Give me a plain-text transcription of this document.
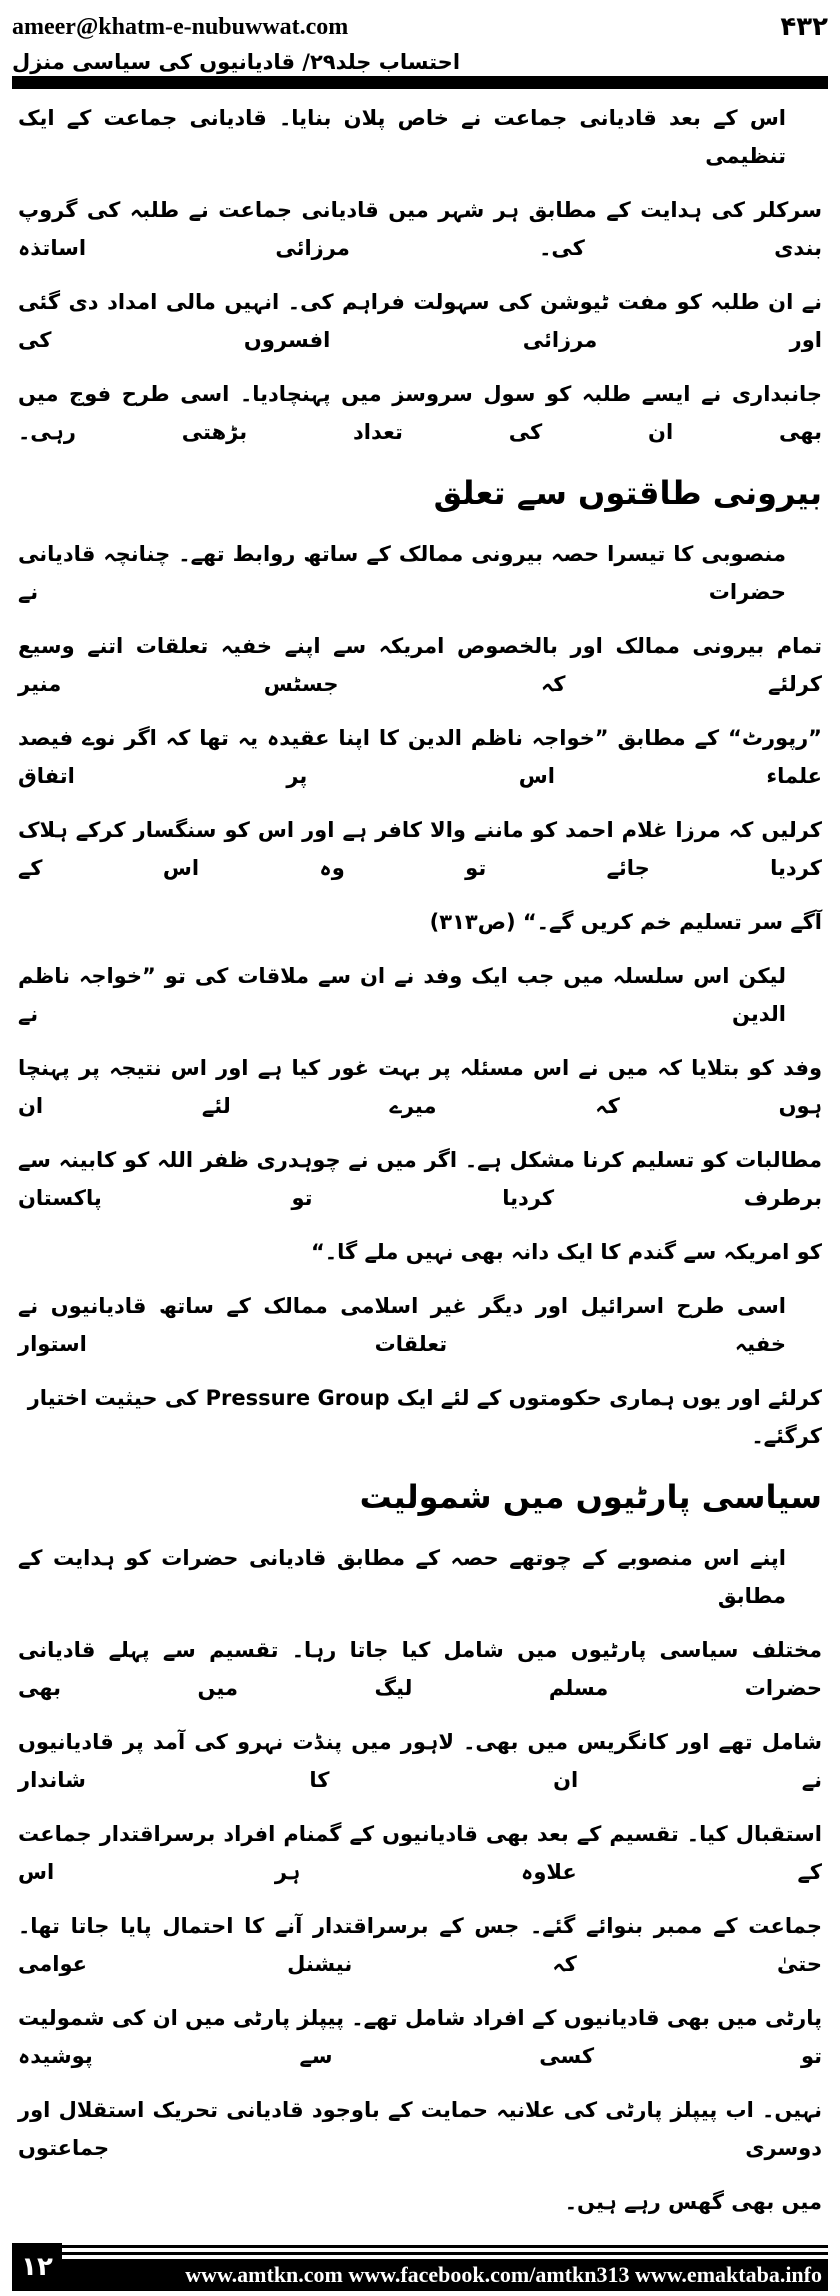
ameer@khatm-e-nubuwwat.com	۴۳۲
احتساب جلد۲۹/ قادیانیوں کی سیاسی منزل
اس کے بعد قادیانی جماعت نے خاص پلان بنایا۔ قادیانی جماعت کے ایک تنظیمی
سرکلر کی ہدایت کے مطابق ہر شہر میں قادیانی جماعت نے طلبہ کی گروپ بندی کی۔ مرزائی اساتذہ
نے ان طلبہ کو مفت ٹیوشن کی سہولت فراہم کی۔ انہیں مالی امداد دی گئی اور مرزائی افسروں کی
جانبداری نے ایسے طلبہ کو سول سروسز میں پہنچادیا۔ اسی طرح فوج میں بھی ان کی تعداد بڑھتی رہی۔
بیرونی طاقتوں سے تعلق
منصوبی کا تیسرا حصہ بیرونی ممالک کے ساتھ روابط تھے۔ چنانچہ قادیانی حضرات نے
تمام بیرونی ممالک اور بالخصوص امریکہ سے اپنے خفیہ تعلقات اتنے وسیع کرلئے کہ جسٹس منیر
”رپورٹ“ کے مطابق ”خواجہ ناظم الدین کا اپنا عقیدہ یہ تھا کہ اگر نوے فیصد علماء اس پر اتفاق
کرلیں کہ مرزا غلام احمد کو ماننے والا کافر ہے اور اس کو سنگسار کرکے ہلاک کردیا جائے تو وہ اس کے
آگے سر تسلیم خم کریں گے۔“ (ص۳۱۳)
لیکن اس سلسلہ میں جب ایک وفد نے ان سے ملاقات کی تو ”خواجہ ناظم الدین نے
وفد کو بتلایا کہ میں نے اس مسئلہ پر بہت غور کیا ہے اور اس نتیجہ پر پہنچا ہوں کہ میرے لئے ان
مطالبات کو تسلیم کرنا مشکل ہے۔ اگر میں نے چوہدری ظفر اللہ کو کابینہ سے برطرف کردیا تو پاکستان
کو امریکہ سے گندم کا ایک دانہ بھی نہیں ملے گا۔“
اسی طرح اسرائیل اور دیگر غیر اسلامی ممالک کے ساتھ قادیانیوں نے خفیہ تعلقات استوار
کرلئے اور یوں ہماری حکومتوں کے لئے ایک Pressure Group کی حیثیت اختیار کرگئے۔
سیاسی پارٹیوں میں شمولیت
اپنے اس منصوبے کے چوتھے حصہ کے مطابق قادیانی حضرات کو ہدایت کے مطابق
مختلف سیاسی پارٹیوں میں شامل کیا جاتا رہا۔ تقسیم سے پہلے قادیانی حضرات مسلم لیگ میں بھی
شامل تھے اور کانگریس میں بھی۔ لاہور میں پنڈت نہرو کی آمد پر قادیانیوں نے ان کا شاندار
استقبال کیا۔ تقسیم کے بعد بھی قادیانیوں کے گمنام افراد برسراقتدار جماعت کے علاوہ ہر اس
جماعت کے ممبر بنوائے گئے۔ جس کے برسراقتدار آنے کا احتمال پایا جاتا تھا۔ حتیٰ کہ نیشنل عوامی
پارٹی میں بھی قادیانیوں کے افراد شامل تھے۔ پیپلز پارٹی میں ان کی شمولیت تو کسی سے پوشیدہ
نہیں۔ اب پیپلز پارٹی کی علانیہ حمایت کے باوجود قادیانی تحریک استقلال اور دوسری جماعتوں
میں بھی گھس رہے ہیں۔
۱۲	www.amtkn.com www.facebook.com/amtkn313 www.emaktaba.info
